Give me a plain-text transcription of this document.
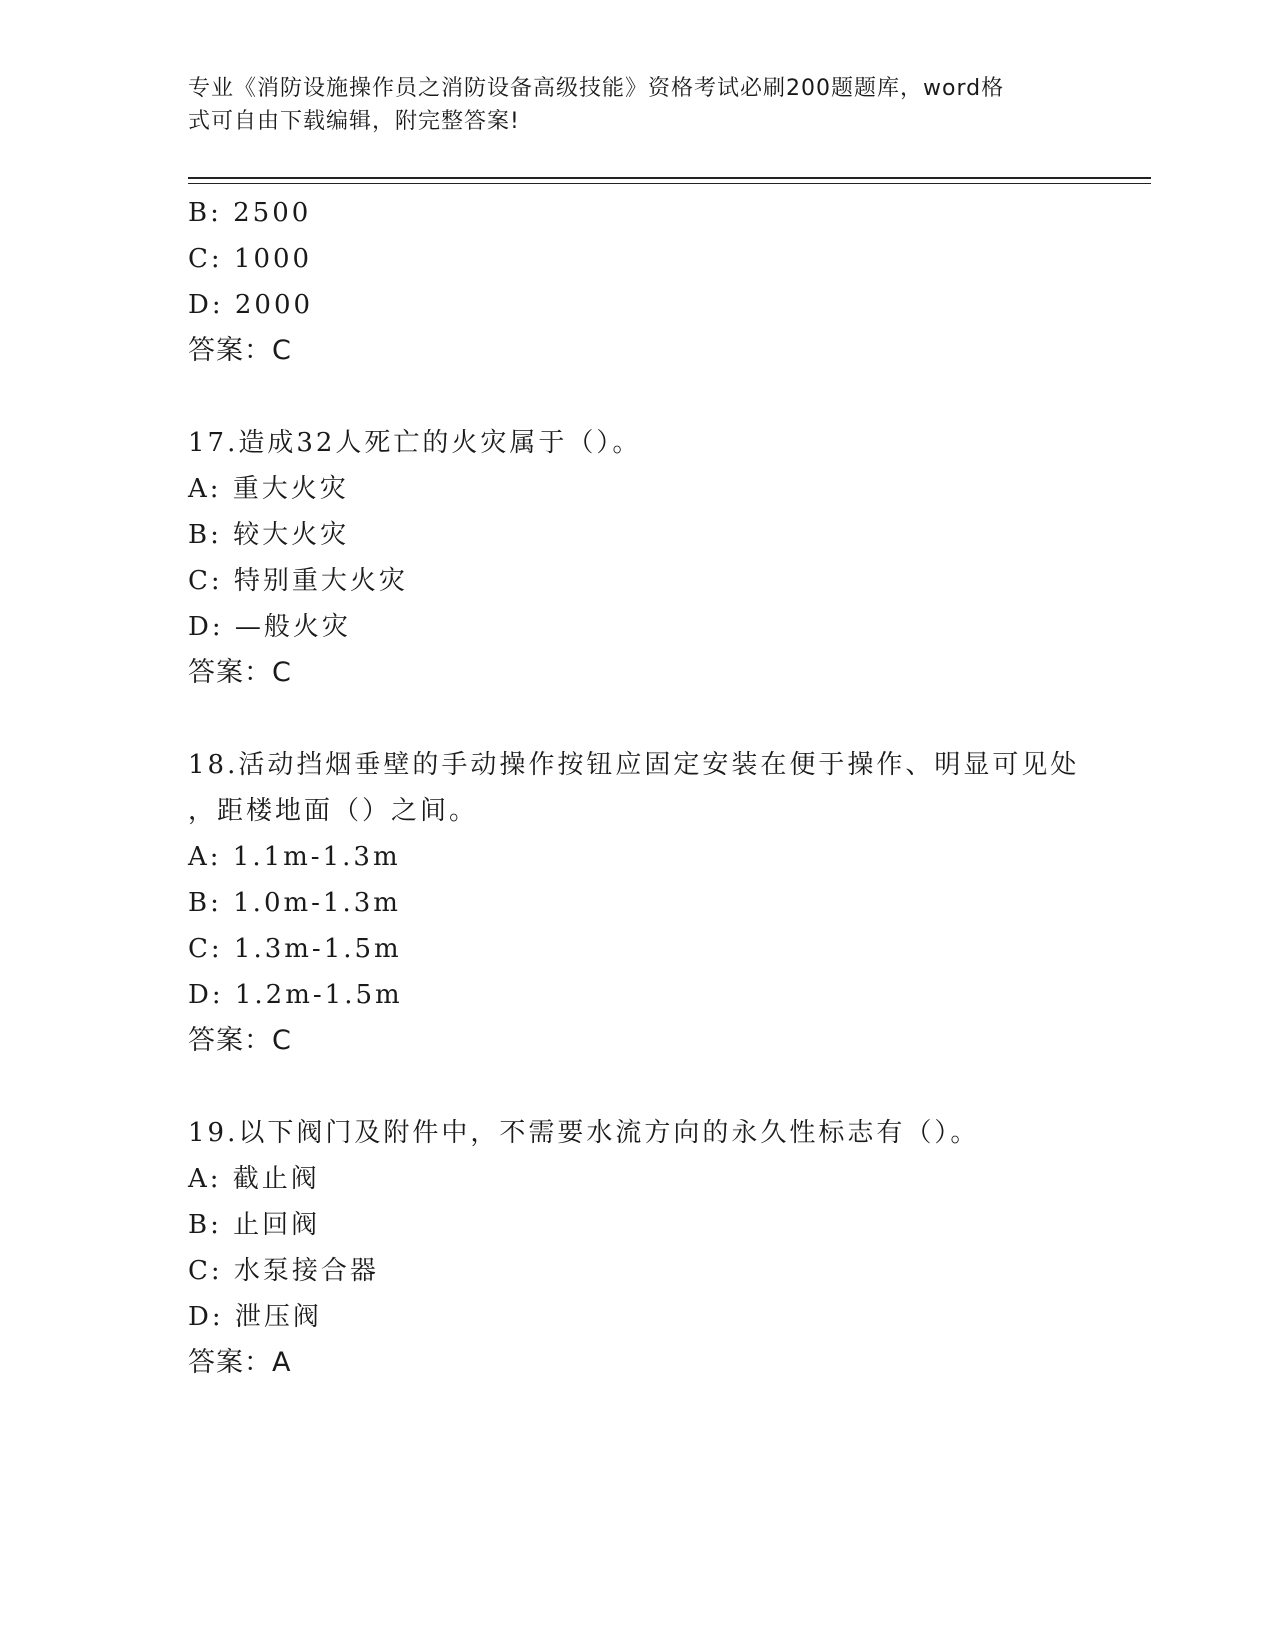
专业《消防设施操作员之消防设备高级技能》资格考试必刷200题题库，word格
式可自由下载编辑，附完整答案!
B: 2500
C: 1000
D: 2000
答案：C
17.造成32人死亡的火灾属于（）。
A: 重大火灾
B: 较大火灾
C: 特别重大火灾
D: —般火灾
答案：C
18.活动挡烟垂壁的手动操作按钮应固定安装在便于操作、明显可见处
，距楼地面（）之间。
A: 1.1m-1.3m
B: 1.0m-1.3m
C: 1.3m-1.5m
D: 1.2m-1.5m
答案：C
19.以下阀门及附件中，不需要水流方向的永久性标志有（）。
A: 截止阀
B: 止回阀
C: 水泵接合器
D: 泄压阀
答案：A
